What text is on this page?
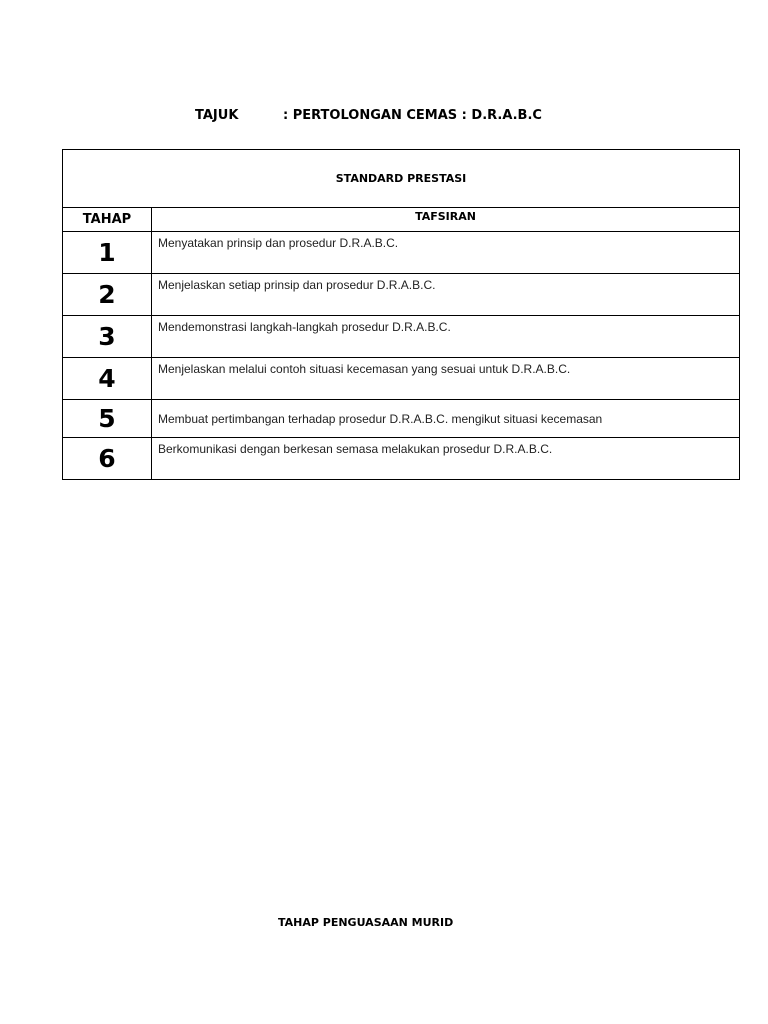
TAJUK	: PERTOLONGAN CEMAS : D.R.A.B.C
STANDARD PRESTASI	
TAHAP	TAFSIRAN
1	Menyatakan prinsip dan prosedur D.R.A.B.C.
2	Menjelaskan setiap prinsip dan prosedur D.R.A.B.C.
3	Mendemonstrasi langkah-langkah prosedur D.R.A.B.C.
4	Menjelaskan melalui contoh situasi kecemasan yang sesuai untuk D.R.A.B.C.
5	Membuat pertimbangan terhadap prosedur D.R.A.B.C. mengikut situasi kecemasan
6	Berkomunikasi dengan berkesan semasa melakukan prosedur D.R.A.B.C.
TAHAP PENGUASAAN MURID
